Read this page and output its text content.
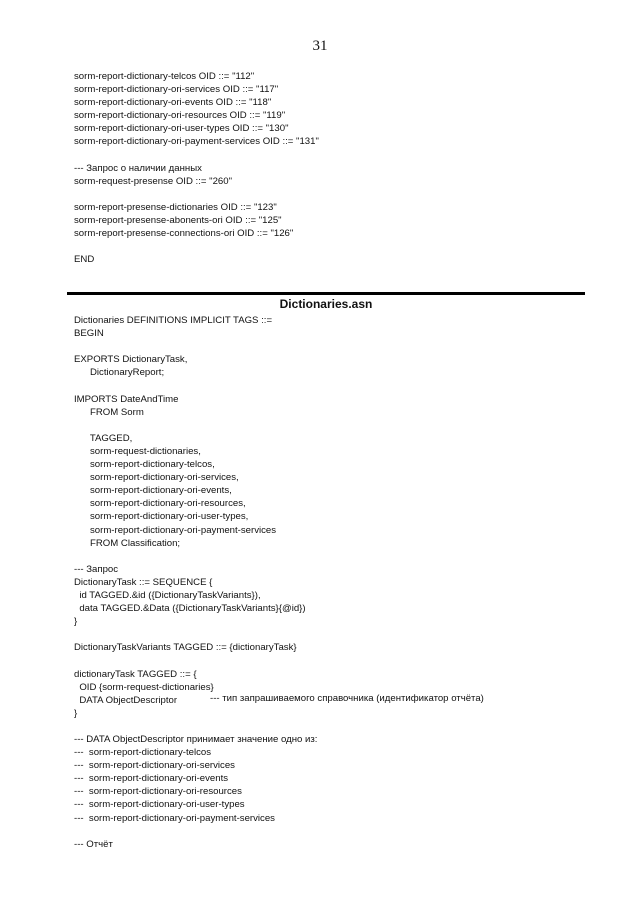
31
sorm-report-dictionary-telcos OID ::= "112"
sorm-report-dictionary-ori-services OID ::= "117"
sorm-report-dictionary-ori-events OID ::= "118"
sorm-report-dictionary-ori-resources OID ::= "119"
sorm-report-dictionary-ori-user-types OID ::= "130"
sorm-report-dictionary-ori-payment-services OID ::= "131"
--- Запрос о наличии данных
sorm-request-presense OID ::= "260"
sorm-report-presense-dictionaries OID ::= "123"
sorm-report-presense-abonents-ori OID ::= "125"
sorm-report-presense-connections-ori OID ::= "126"
END
Dictionaries.asn
Dictionaries DEFINITIONS IMPLICIT TAGS ::=
BEGIN
EXPORTS DictionaryTask,
DictionaryReport;
IMPORTS DateAndTime
FROM Sorm
TAGGED,
sorm-request-dictionaries,
sorm-report-dictionary-telcos,
sorm-report-dictionary-ori-services,
sorm-report-dictionary-ori-events,
sorm-report-dictionary-ori-resources,
sorm-report-dictionary-ori-user-types,
sorm-report-dictionary-ori-payment-services
FROM Classification;
--- Запрос
DictionaryTask ::= SEQUENCE {
id TAGGED.&id ({DictionaryTaskVariants}),
data TAGGED.&Data ({DictionaryTaskVariants}{@id})
}
DictionaryTaskVariants TAGGED ::= {dictionaryTask}
dictionaryTask TAGGED ::= {
OID {sorm-request-dictionaries}
DATA ObjectDescriptor
}
--- DATA ObjectDescriptor принимает значение одно из:
---  sorm-report-dictionary-telcos
---  sorm-report-dictionary-ori-services
---  sorm-report-dictionary-ori-events
---  sorm-report-dictionary-ori-resources
---  sorm-report-dictionary-ori-user-types
---  sorm-report-dictionary-ori-payment-services
--- Отчёт
--- тип запрашиваемого справочника (идентификатор отчёта)
